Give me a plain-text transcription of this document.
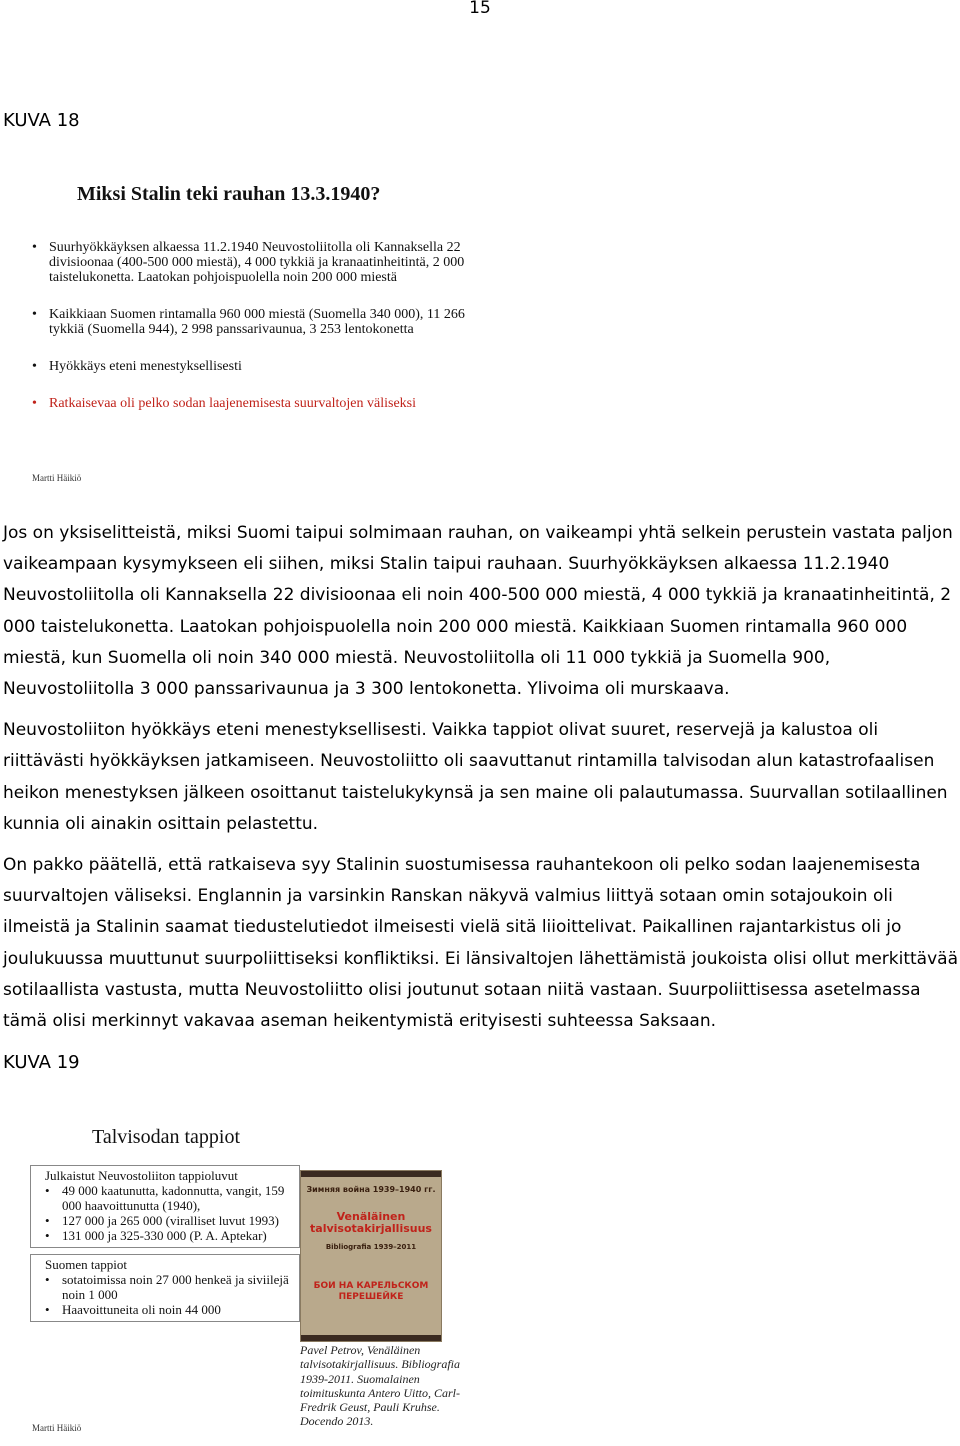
15
KUVA 18
Miksi Stalin teki rauhan 13.3.1940?
• Suurhyökkäyksen alkaessa 11.2.1940 Neuvostoliitolla oli Kannaksella 22 divisioonaa (400-500 000 miestä), 4 000 tykkiä ja kranaatinheitintä, 2 000 taistelukonetta. Laatokan pohjoispuolella noin 200 000 miestä
• Kaikkiaan Suomen rintamalla 960 000 miestä (Suomella 340 000), 11 266 tykkiä (Suomella 944), 2 998 panssarivaunua, 3 253 lentokonetta
• Hyökkäys eteni menestyksellisesti
• Ratkaisevaa oli pelko sodan laajenemisesta suurvaltojen väliseksi
Martti Häikiö

Jos on yksiselitteistä, miksi Suomi taipui solmimaan rauhan, on vaikeampi yhtä selkein perustein vastata paljon vaikeampaan kysymykseen eli siihen, miksi Stalin taipui rauhaan. Suurhyökkäyksen alkaessa 11.2.1940 Neuvostoliitolla oli Kannaksella 22 divisioonaa eli noin 400-500 000 miestä, 4 000 tykkiä ja kranaatinheitintä, 2 000 taistelukonetta. Laatokan pohjoispuolella noin 200 000 miestä. Kaikkiaan Suomen rintamalla 960 000 miestä, kun Suomella oli noin 340 000 miestä. Neuvostoliitolla oli 11 000 tykkiä ja Suomella 900, Neuvostoliitolla 3 000 panssarivaunua ja 3 300 lentokonetta. Ylivoima oli murskaava.

Neuvostoliiton hyökkäys eteni menestyksellisesti. Vaikka tappiot olivat suuret, reservejä ja kalustoa oli riittävästi hyökkäyksen jatkamiseen. Neuvostoliitto oli saavuttanut rintamilla talvisodan alun katastrofaalisen heikon menestyksen jälkeen osoittanut taistelukykynsä ja sen maine oli palautumassa. Suurvallan sotilaallinen kunnia oli ainakin osittain pelastettu.

On pakko päätellä, että ratkaiseva syy Stalinin suostumisessa rauhantekoon oli pelko sodan laajenemisesta suurvaltojen väliseksi. Englannin ja varsinkin Ranskan näkyvä valmius liittyä sotaan omin sotajoukoin oli ilmeistä ja Stalinin saamat tiedustelutiedot ilmeisesti vielä sitä liioittelivat. Paikallinen rajantarkistus oli jo joulukuussa muuttunut suurpoliittiseksi konfliktiksi. Ei länsivaltojen lähettämistä joukoista olisi ollut merkittävää sotilaallista vastusta, mutta Neuvostoliitto olisi joutunut sotaan niitä vastaan. Suurpoliittisessa asetelmassa tämä olisi merkinnyt vakavaa aseman heikentymistä erityisesti suhteessa Saksaan.

KUVA 19
Talvisodan tappiot
Julkaistut Neuvostoliiton tappioluvut
• 49 000 kaatunutta, kadonnutta, vangit, 159 000 haavoittunutta (1940),
• 127 000 ja 265 000 (viralliset luvut 1993)
• 131 000 ja 325-330 000 (P. A. Aptekar)
Suomen tappiot
• sotatoimissa noin 27 000 henkeä ja siviilejä noin 1 000
• Haavoittuneita oli noin 44 000
Зимняя война 1939–1940 гг.
Venäläinen talvisotakirjallisuus
Bibliografia 1939–2011
БОИ НА КАРЕЛЬСКОМ ПЕРЕШЕЙКЕ
Pavel Petrov, Venäläinen talvisotakirjallisuus. Bibliografia 1939-2011. Suomalainen toimituskunta Antero Uitto, Carl-Fredrik Geust, Pauli Kruhse. Docendo 2013.
Martti Häikiö
